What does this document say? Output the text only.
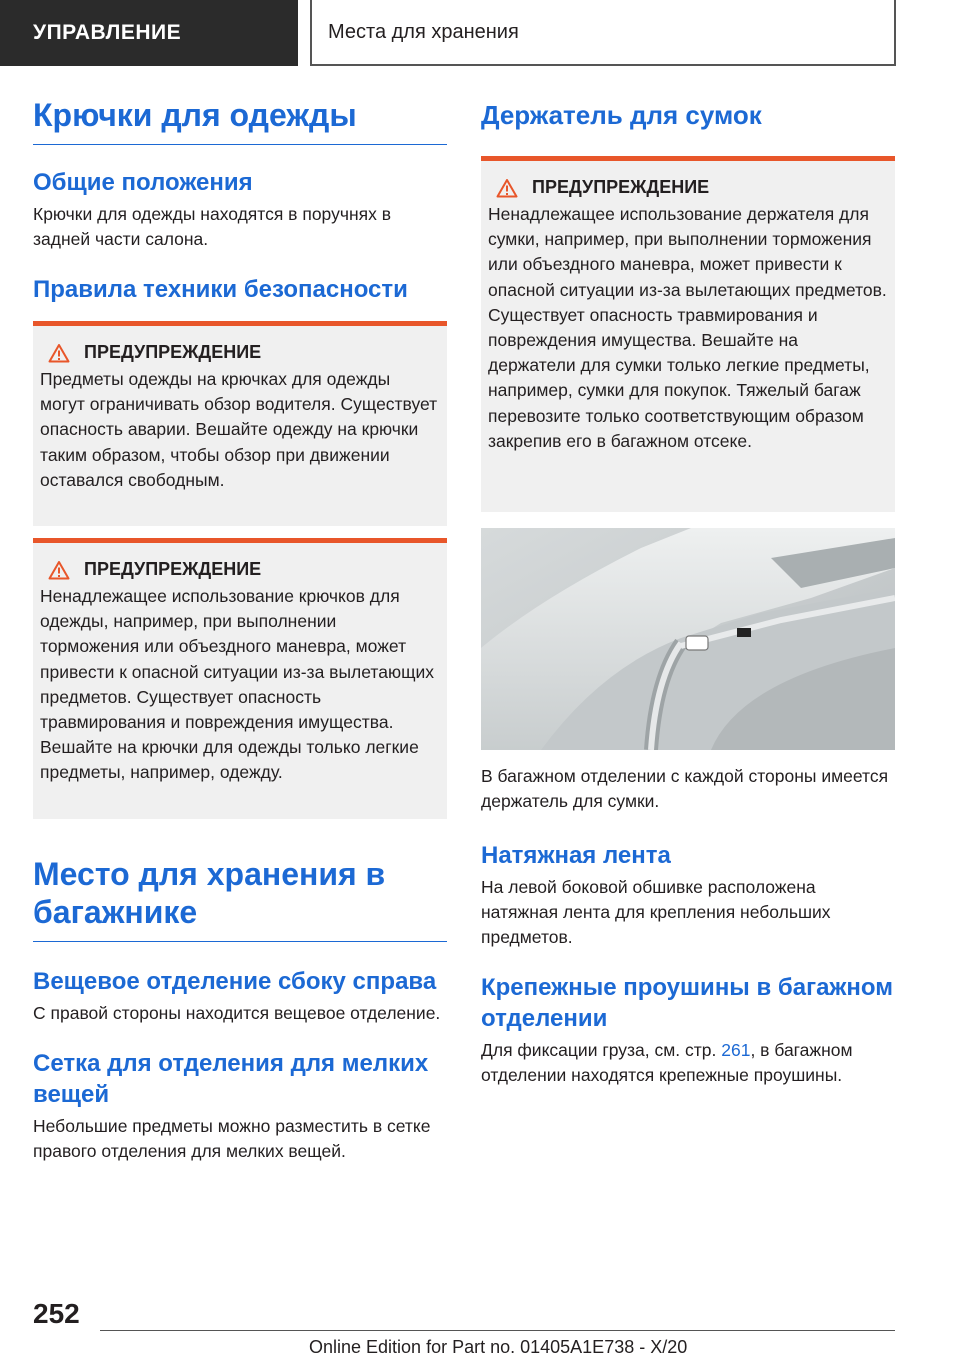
УПРАВЛЕНИЕ	Места для хранения
Крючки для одежды
Общие положения

Крючки для одежды находятся в поручнях в задней части салона.

Правила техники безопасности
ПРЕДУПРЕЖДЕНИЕ
Предметы одежды на крючках для одежды могут ограничивать обзор водителя. Существует опасность аварии. Вешайте одежду на крючки таким образом, чтобы обзор при движении оставался свободным.
ПРЕДУПРЕЖДЕНИЕ
Ненадлежащее использование крючков для одежды, например, при выполнении торможения или объездного маневра, может привести к опасной ситуации из-за вылетающих предметов. Существует опасность травмирования и повреждения имущества. Вешайте на крючки для одежды только легкие предметы, например, одежду.
Место для хранения в багажнике
Вещевое отделение сбоку справа

С правой стороны находится вещевое отделение.

Сетка для отделения для мелких вещей

Небольшие предметы можно разместить в сетке правого отделения для мелких вещей.

Держатель для сумок
ПРЕДУПРЕЖДЕНИЕ
Ненадлежащее использование держателя для сумки, например, при выполнении торможения или объездного маневра, может привести к опасной ситуации из-за вылетающих предметов. Существует опасность травмирования и повреждения имущества. Вешайте на держатели для сумки только легкие предметы, например, сумки для покупок. Тяжелый багаж перевозите только соответствующим образом закрепив его в багажном отсеке.

В багажном отделении с каждой стороны имеется держатель для сумки.

Натяжная лента

На левой боковой обшивке расположена натяжная лента для крепления небольших предметов.

Крепежные проушины в багажном отделении

Для фиксации груза, см. стр. 261, в багажном отделении находятся крепежные проушины.

252
Online Edition for Part no. 01405A1E738 - X/20
